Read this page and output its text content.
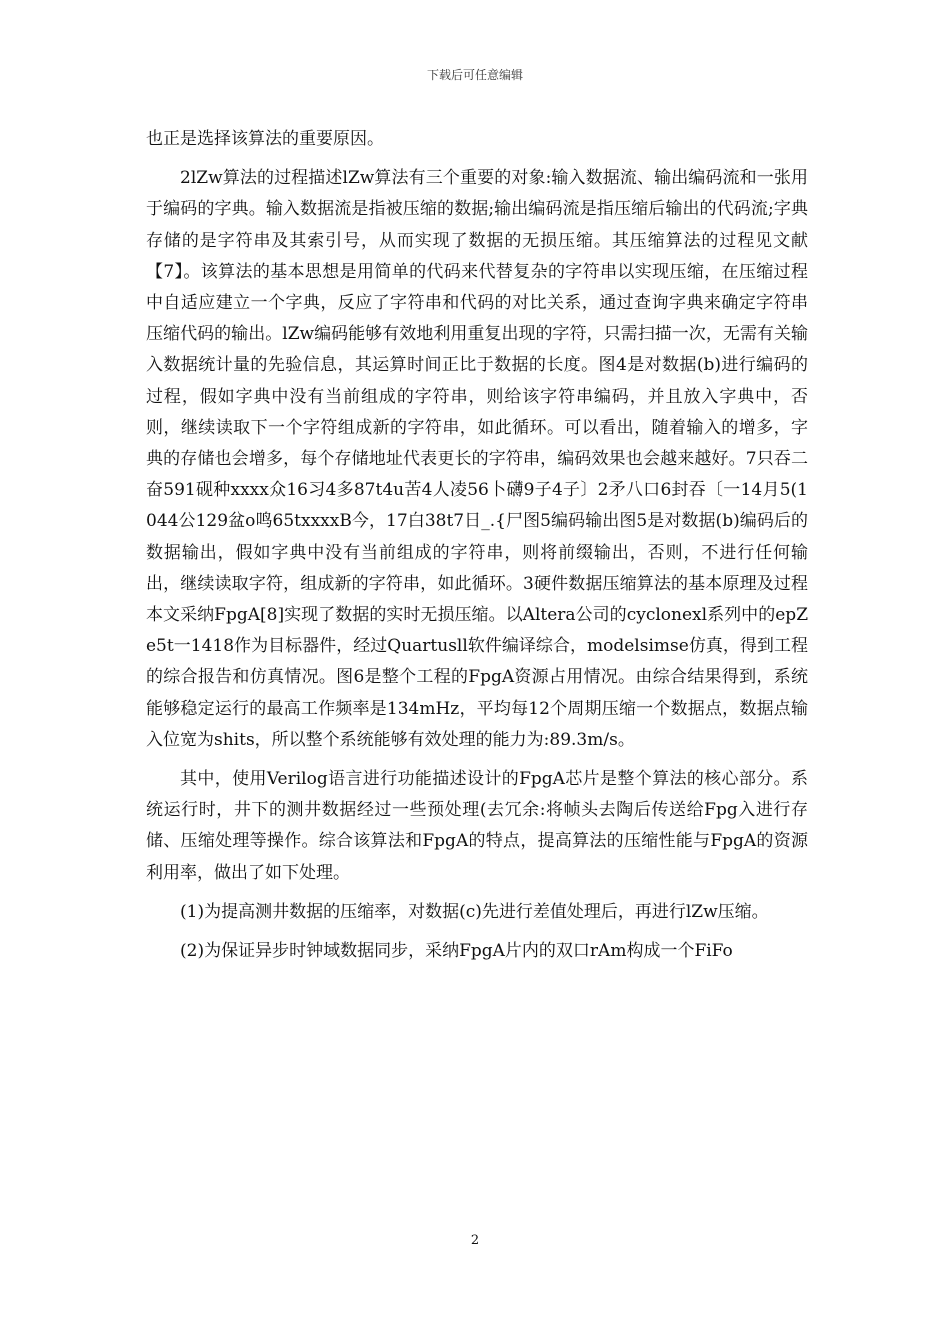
下载后可任意编辑

也正是选择该算法的重要原因。

2lZw算法的过程描述lZw算法有三个重要的对象:输入数据流、输出编码流和一张用于编码的字典。输入数据流是指被压缩的数据;输出编码流是指压缩后输出的代码流;字典存储的是字符串及其索引号，从而实现了数据的无损压缩。其压缩算法的过程见文献【7】。该算法的基本思想是用简单的代码来代替复杂的字符串以实现压缩，在压缩过程中自适应建立一个字典，反应了字符串和代码的对比关系，通过查询字典来确定字符串压缩代码的输出。lZw编码能够有效地利用重复出现的字符，只需扫描一次，无需有关输入数据统计量的先验信息，其运算时间正比于数据的长度。图4是对数据(b)进行编码的过程，假如字典中没有当前组成的字符串，则给该字符串编码，并且放入字典中，否则，继续读取下一个字符组成新的字符串，如此循环。可以看出，随着输入的增多，字典的存储也会增多，每个存储地址代表更长的字符串，编码效果也会越来越好。7只吞二奋591砚种xxxx众16习4多87t4u苦4人凌56卜礴9子4子〕2矛八口6封吞〔一14月5(1044公129盆o鸣65txxxxB今，17白38t7日_.{尸图5编码输出图5是对数据(b)编码后的数据输出，假如字典中没有当前组成的字符串，则将前缀输出，否则，不进行任何输出，继续读取字符，组成新的字符串，如此循环。3硬件数据压缩算法的基本原理及过程本文采纳FpgA[8]实现了数据的实时无损压缩。以Altera公司的cyclonexl系列中的epZe5t一1418作为目标器件，经过Quartusll软件编译综合，modelsimse仿真，得到工程的综合报告和仿真情况。图6是整个工程的FpgA资源占用情况。由综合结果得到，系统能够稳定运行的最高工作频率是134mHz，平均每12个周期压缩一个数据点，数据点输入位宽为shits，所以整个系统能够有效处理的能力为:89.3m/s。

其中，使用Verilog语言进行功能描述设计的FpgA芯片是整个算法的核心部分。系统运行时，井下的测井数据经过一些预处理(去冗余:将帧头去陶后传送给Fpg入进行存储、压缩处理等操作。综合该算法和FpgA的特点，提高算法的压缩性能与FpgA的资源利用率，做出了如下处理。

(1)为提高测井数据的压缩率，对数据(c)先进行差值处理后，再进行lZw压缩。

(2)为保证异步时钟域数据同步，采纳FpgA片内的双口rAm构成一个FiFo

2
